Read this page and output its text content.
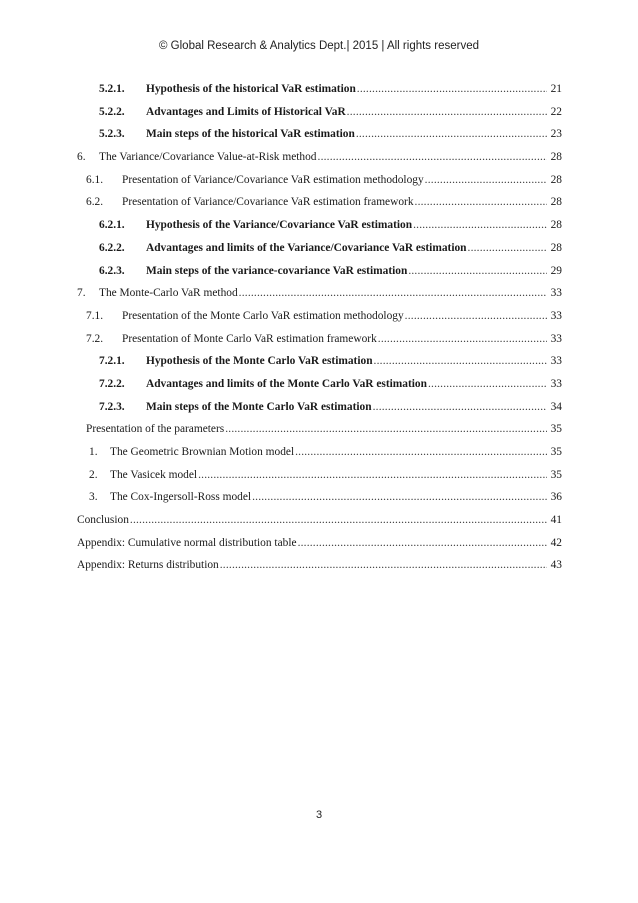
© Global Research & Analytics Dept.| 2015 | All rights reserved
5.2.1. Hypothesis of the historical VaR estimation .....	21
5.2.2. Advantages and Limits of Historical VaR .....	22
5.2.3. Main steps of the historical VaR estimation .....	23
6. The Variance/Covariance Value-at-Risk method .....	28
6.1. Presentation of Variance/Covariance VaR estimation methodology .....	28
6.2. Presentation of Variance/Covariance VaR estimation framework .....	28
6.2.1. Hypothesis of the Variance/Covariance VaR estimation .....	28
6.2.2. Advantages and limits of the Variance/Covariance VaR estimation .....	28
6.2.3. Main steps of the variance-covariance VaR estimation .....	29
7. The Monte-Carlo VaR method .....	33
7.1. Presentation of the Monte Carlo VaR estimation methodology .....	33
7.2. Presentation of Monte Carlo VaR estimation framework .....	33
7.2.1. Hypothesis of the Monte Carlo VaR estimation .....	33
7.2.2. Advantages and limits of the Monte Carlo VaR estimation .....	33
7.2.3. Main steps of the Monte Carlo VaR estimation .....	34
Presentation of the parameters .....	35
1. The Geometric Brownian Motion model .....	35
2. The Vasicek model .....	35
3. The Cox-Ingersoll-Ross model .....	36
Conclusion .....	41
Appendix: Cumulative normal distribution table .....	42
Appendix: Returns distribution .....	43
3
